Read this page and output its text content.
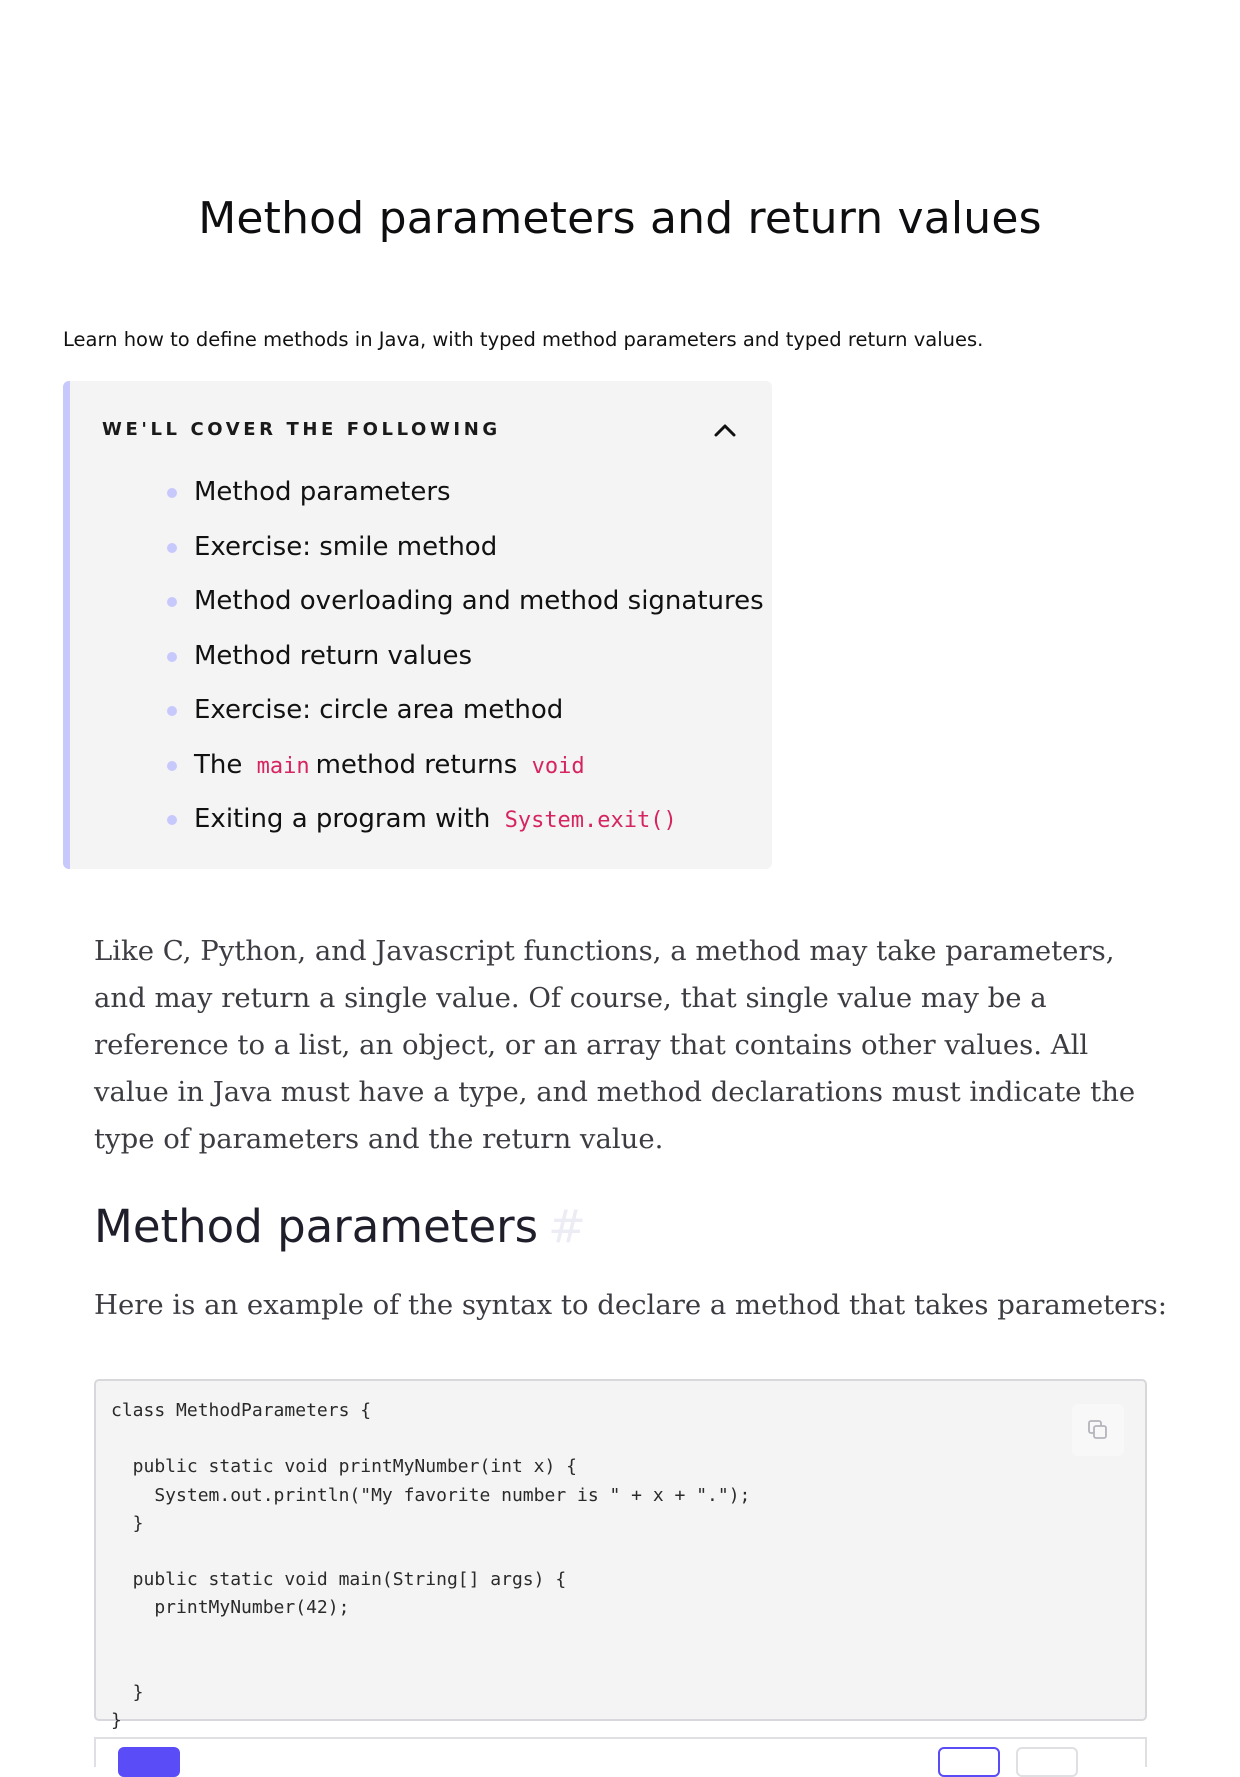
Method parameters and return values

Learn how to define methods in Java, with typed method parameters and typed return values.

WE'LL COVER THE FOLLOWING
Method parameters
Exercise: smile method
Method overloading and method signatures
Method return values
Exercise: circle area method
The main method returns void
Exiting a program with System.exit()

Like C, Python, and Javascript functions, a method may take parameters, and may return a single value. Of course, that single value may be a reference to a list, an object, or an array that contains other values. All value in Java must have a type, and method declarations must indicate the type of parameters and the return value.

Method parameters #

Here is an example of the syntax to declare a method that takes parameters:

class MethodParameters {

public static void printMyNumber(int x) {
System.out.println("My favorite number is " + x + ".");
}

public static void main(String[] args) {
printMyNumber(42);

}
}
